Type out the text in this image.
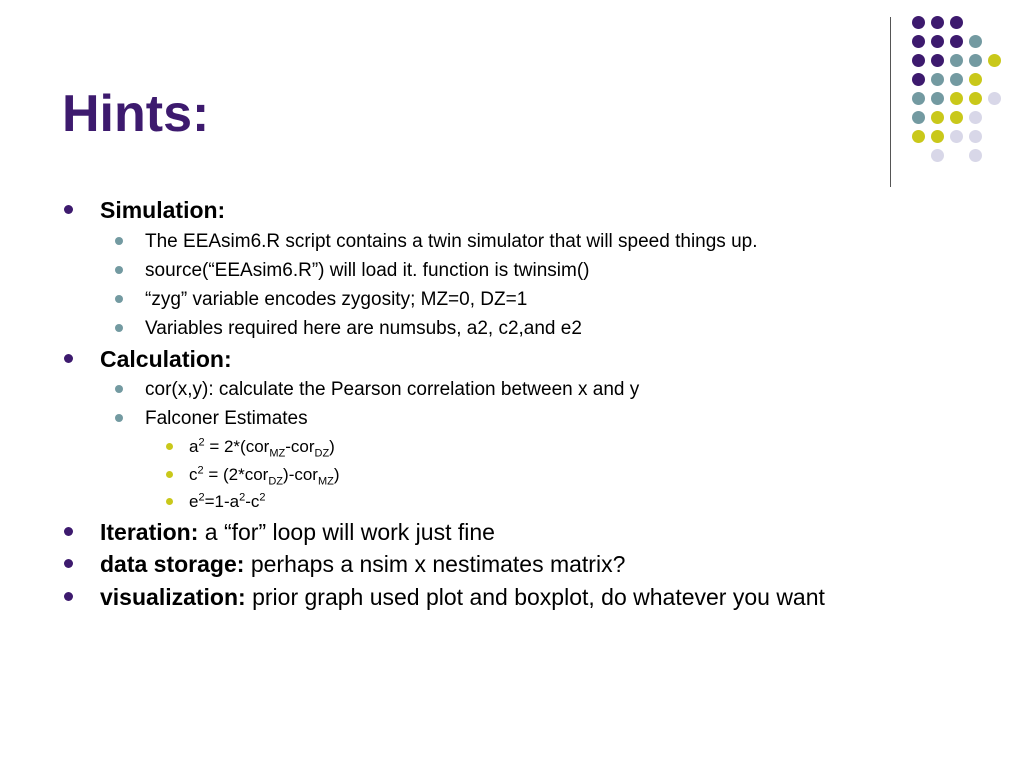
Hints:
Simulation:
The EEAsim6.R script contains a twin simulator that will speed things up.
source(“EEAsim6.R”) will load it. function is twinsim()
“zyg” variable encodes zygosity; MZ=0, DZ=1
Variables required here are numsubs, a2, c2,and e2
Calculation:
cor(x,y): calculate the Pearson correlation between x and y
Falconer Estimates
$a^2 = 2*(cor_{MZ}-cor_{DZ})$
$c^2 = (2*cor_{DZ})-cor_{MZ}$)
$e^2=1-a^2-c^2$
Iteration: a “for” loop will work just fine
data storage: perhaps a nsim x nestimates matrix?
visualization: prior graph used plot and boxplot, do whatever you want
